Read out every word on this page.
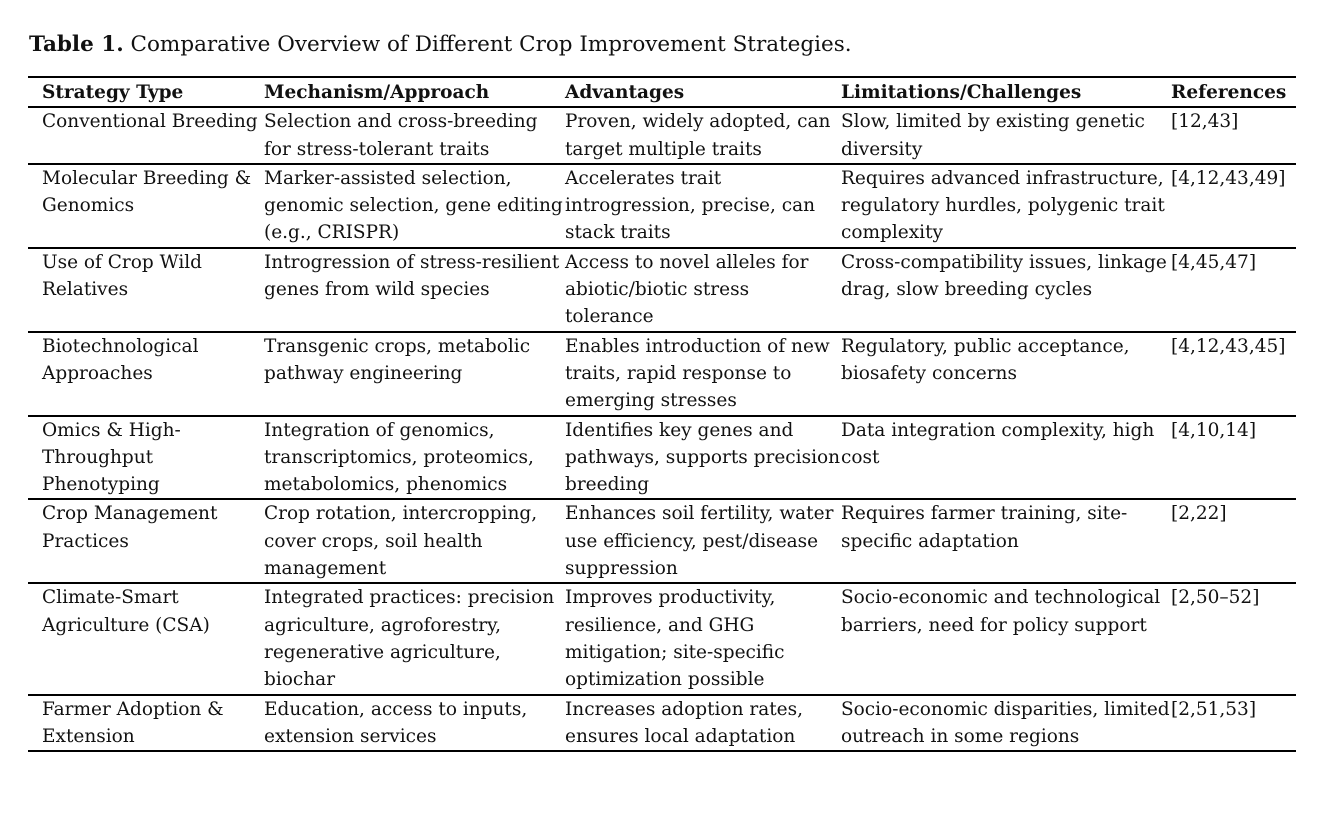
Table 1. Comparative Overview of Different Crop Improvement Strategies.
Strategy Type	Mechanism/Approach	Advantages	Limitations/Challenges	References
Conventional Breeding	Selection and cross-breeding for stress-tolerant traits	Proven, widely adopted, can target multiple traits	Slow, limited by existing genetic diversity	[12,43]
Molecular Breeding & Genomics	Marker-assisted selection, genomic selection, gene editing (e.g., CRISPR)	Accelerates trait introgression, precise, can stack traits	Requires advanced infrastructure, regulatory hurdles, polygenic trait complexity	[4,12,43,49]
Use of Crop Wild Relatives	Introgression of stress-resilient genes from wild species	Access to novel alleles for abiotic/biotic stress tolerance	Cross-compatibility issues, linkage drag, slow breeding cycles	[4,45,47]
Biotechnological Approaches	Transgenic crops, metabolic pathway engineering	Enables introduction of new traits, rapid response to emerging stresses	Regulatory, public acceptance, biosafety concerns	[4,12,43,45]
Omics & High-Throughput Phenotyping	Integration of genomics, transcriptomics, proteomics, metabolomics, phenomics	Identifies key genes and pathways, supports precision breeding	Data integration complexity, high cost	[4,10,14]
Crop Management Practices	Crop rotation, intercropping, cover crops, soil health management	Enhances soil fertility, water use efficiency, pest/disease suppression	Requires farmer training, site-specific adaptation	[2,22]
Climate-Smart Agriculture (CSA)	Integrated practices: precision agriculture, agroforestry, regenerative agriculture, biochar	Improves productivity, resilience, and GHG mitigation; site-specific optimization possible	Socio-economic and technological barriers, need for policy support	[2,50–52]
Farmer Adoption & Extension	Education, access to inputs, extension services	Increases adoption rates, ensures local adaptation	Socio-economic disparities, limited outreach in some regions	[2,51,53]
